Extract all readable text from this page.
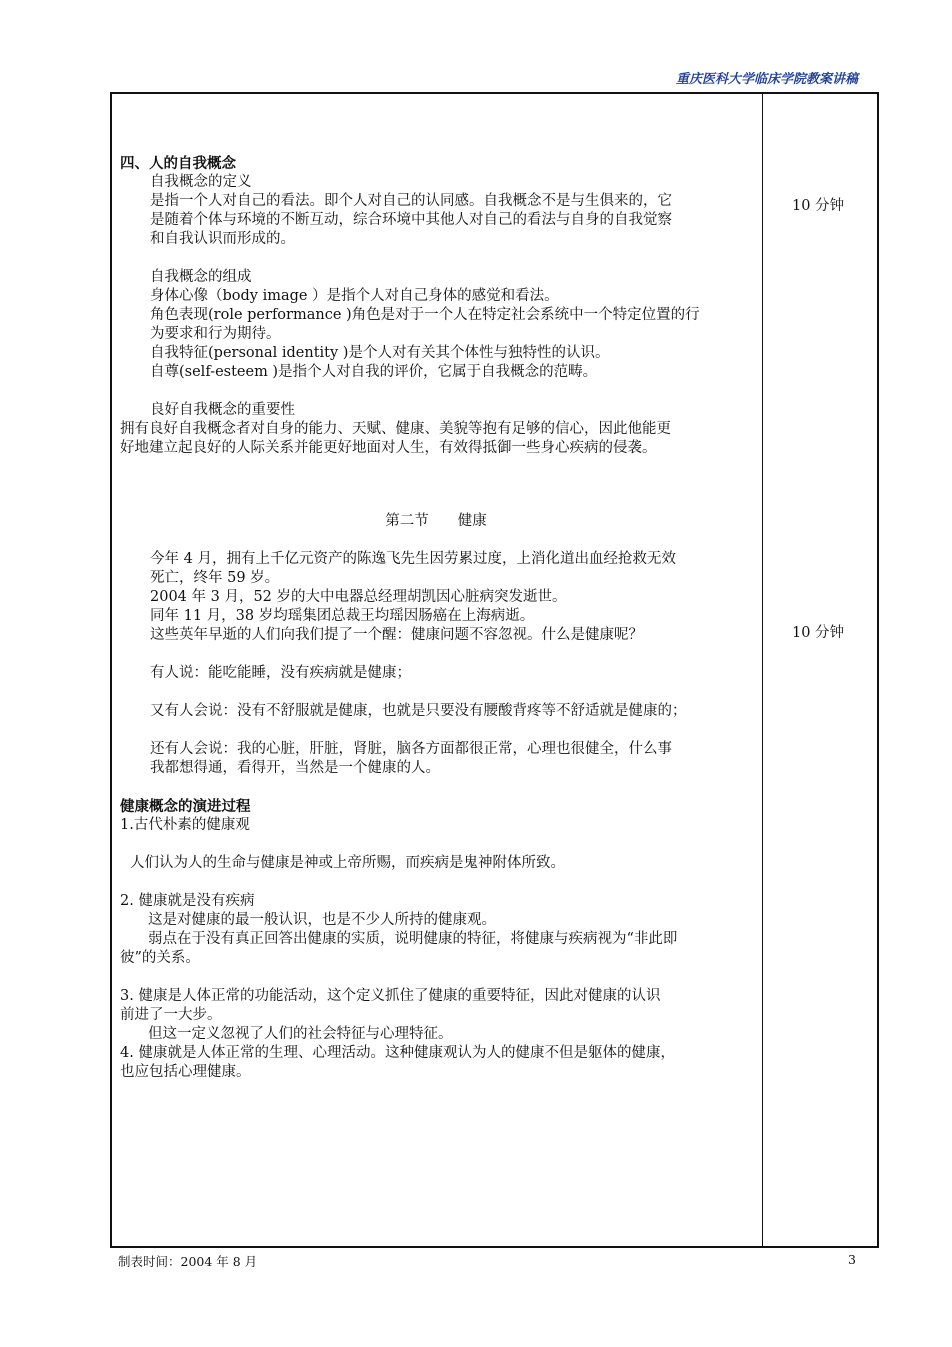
重庆医科大学临床学院教案讲稿
10 分钟
10 分钟
四、人的自我概念
自我概念的定义
是指一个人对自己的看法。即个人对自己的认同感。自我概念不是与生俱来的，它
是随着个体与环境的不断互动，综合环境中其他人对自己的看法与自身的自我觉察
和自我认识而形成的。
自我概念的组成
身体心像（body image ）是指个人对自己身体的感觉和看法。
角色表现(role performance )角色是对于一个人在特定社会系统中一个特定位置的行
为要求和行为期待。
自我特征(personal identity )是个人对有关其个体性与独特性的认识。
自尊(self-esteem )是指个人对自我的评价，它属于自我概念的范畴。
良好自我概念的重要性
拥有良好自我概念者对自身的能力、天赋、健康、美貌等抱有足够的信心，因此他能更
好地建立起良好的人际关系并能更好地面对人生，有效得抵御一些身心疾病的侵袭。
第二节　　健康
今年 4 月，拥有上千亿元资产的陈逸飞先生因劳累过度，上消化道出血经抢救无效
死亡，终年 59 岁。
2004 年 3 月，52 岁的大中电器总经理胡凯因心脏病突发逝世。
同年 11 月，38 岁均瑶集团总裁王均瑶因肠癌在上海病逝。
这些英年早逝的人们向我们提了一个醒：健康问题不容忽视。什么是健康呢？
有人说：能吃能睡，没有疾病就是健康；
又有人会说：没有不舒服就是健康，也就是只要没有腰酸背疼等不舒适就是健康的；
还有人会说：我的心脏，肝脏，肾脏，脑各方面都很正常，心理也很健全，什么事
我都想得通，看得开，当然是一个健康的人。
健康概念的演进过程
1.古代朴素的健康观
人们认为人的生命与健康是神或上帝所赐，而疾病是鬼神附体所致。
2. 健康就是没有疾病
这是对健康的最一般认识，也是不少人所持的健康观。
弱点在于没有真正回答出健康的实质，说明健康的特征，将健康与疾病视为“非此即
彼”的关系。
3. 健康是人体正常的功能活动，这个定义抓住了健康的重要特征，因此对健康的认识
前进了一大步。
但这一定义忽视了人们的社会特征与心理特征。
4. 健康就是人体正常的生理、心理活动。这种健康观认为人的健康不但是躯体的健康，
也应包括心理健康。
制表时间：2004 年 8 月	3
